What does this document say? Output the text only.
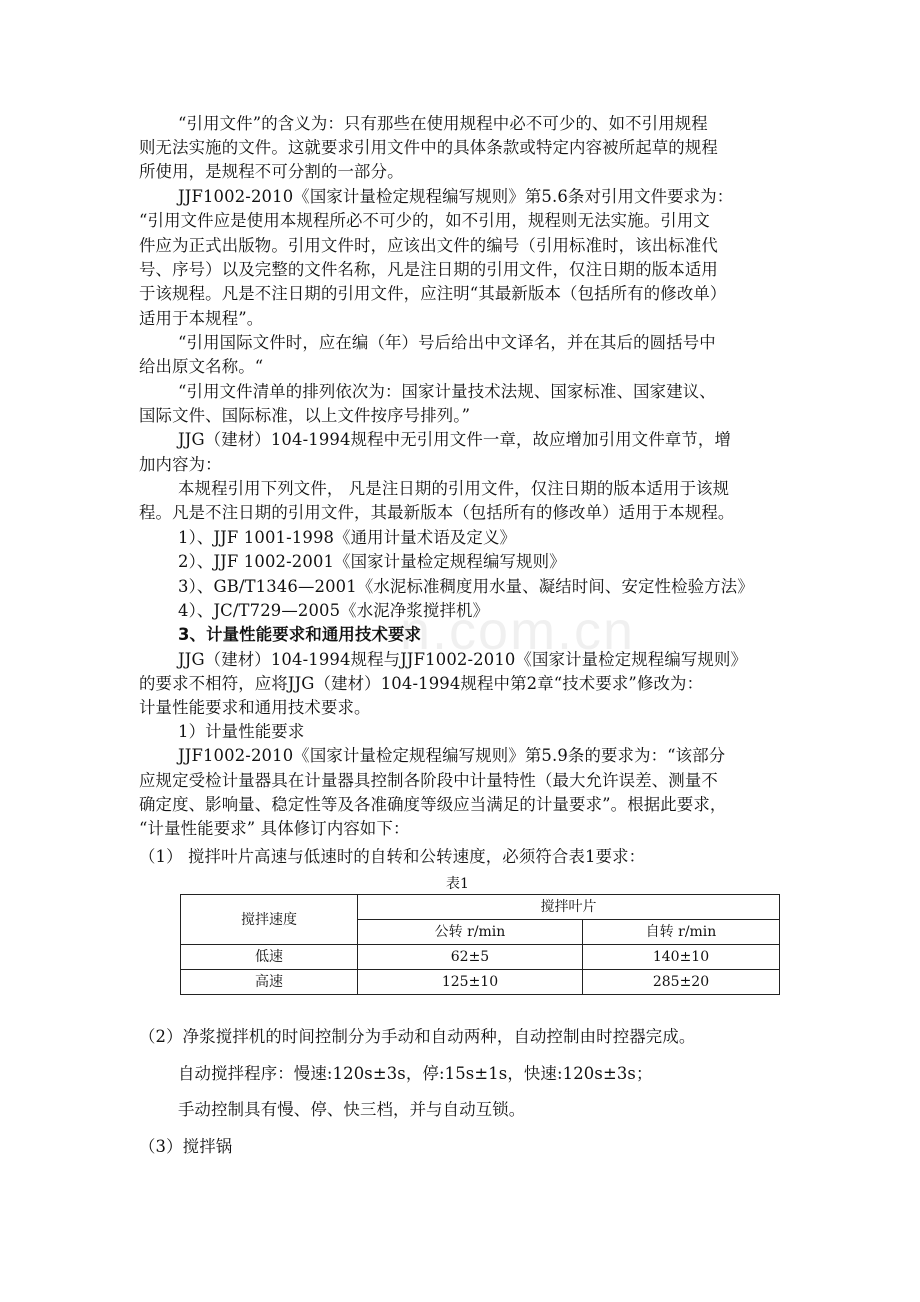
n.com.cn
“引用文件”的含义为：只有那些在使用规程中必不可少的、如不引用规程
则无法实施的文件。这就要求引用文件中的具体条款或特定内容被所起草的规程
所使用，是规程不可分割的一部分。
JJF1002-2010《国家计量检定规程编写规则》第5.6条对引用文件要求为：
“引用文件应是使用本规程所必不可少的，如不引用，规程则无法实施。引用文
件应为正式出版物。引用文件时，应该出文件的编号（引用标准时，该出标准代
号、序号）以及完整的文件名称，凡是注日期的引用文件，仅注日期的版本适用
于该规程。凡是不注日期的引用文件，应注明“其最新版本（包括所有的修改单）
适用于本规程”。
“引用国际文件时，应在编（年）号后给出中文译名，并在其后的圆括号中
给出原文名称。“
“引用文件清单的排列依次为：国家计量技术法规、国家标准、国家建议、
国际文件、国际标准，以上文件按序号排列。”
JJG（建材）104-1994规程中无引用文件一章，故应增加引用文件章节，增
加内容为：
本规程引用下列文件， 凡是注日期的引用文件，仅注日期的版本适用于该规
程。凡是不注日期的引用文件，其最新版本（包括所有的修改单）适用于本规程。
1）、JJF 1001-1998《通用计量术语及定义》
2）、JJF 1002-2001《国家计量检定规程编写规则》
3）、GB/T1346—2001《水泥标准稠度用水量、凝结时间、安定性检验方法》
4）、JC/T729—2005《水泥净浆搅拌机》
3、计量性能要求和通用技术要求
JJG（建材）104-1994规程与JJF1002-2010《国家计量检定规程编写规则》
的要求不相符，应将JJG（建材）104-1994规程中第2章“技术要求”修改为：
计量性能要求和通用技术要求。
1）计量性能要求
JJF1002-2010《国家计量检定规程编写规则》第5.9条的要求为：“该部分
应规定受检计量器具在计量器具控制各阶段中计量特性（最大允许误差、测量不
确定度、影响量、稳定性等及各准确度等级应当满足的计量要求”。根据此要求，
“计量性能要求” 具体修订内容如下：
（1） 搅拌叶片高速与低速时的自转和公转速度，必须符合表1要求：
表1
搅拌速度	搅拌叶片	
	公转 r/min	自转 r/min
低速	62±5	140±10
高速	125±10	285±20
（2）净浆搅拌机的时间控制分为手动和自动两种，自动控制由时控器完成。
自动搅拌程序：慢速:120s±3s，停:15s±1s，快速:120s±3s；
手动控制具有慢、停、快三档，并与自动互锁。
（3）搅拌锅
